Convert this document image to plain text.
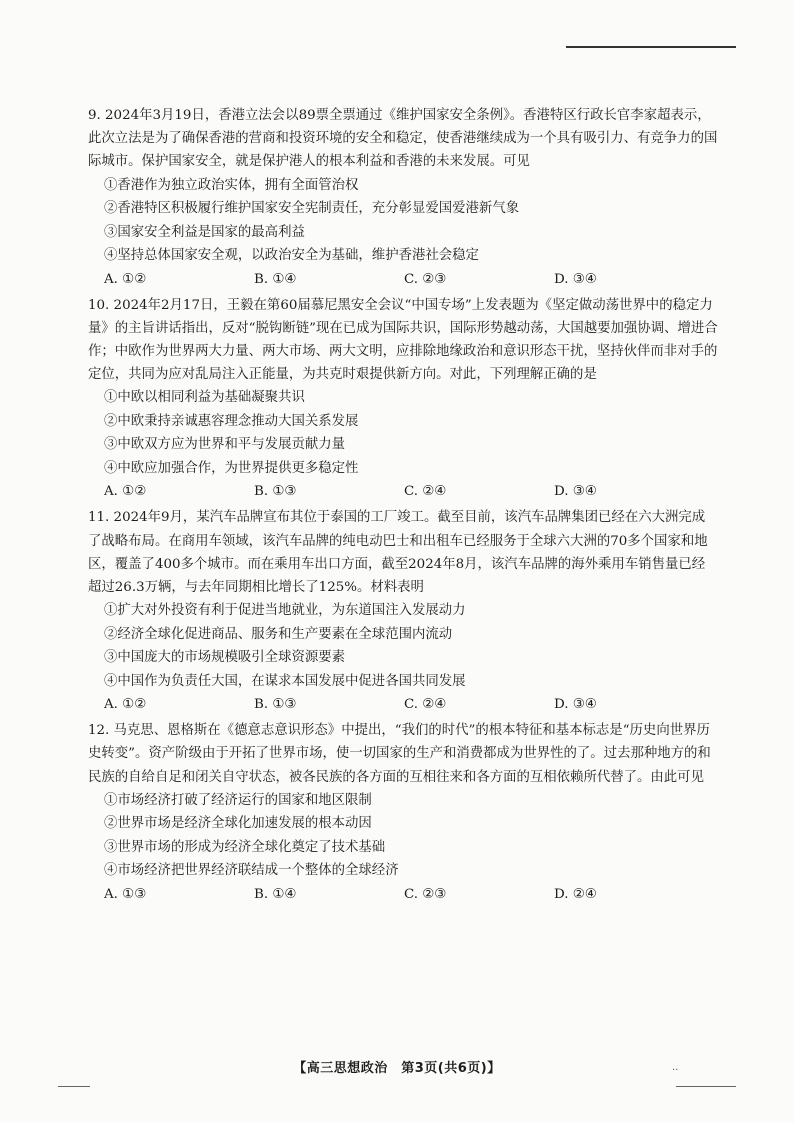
9. 2024年3月19日，香港立法会以89票全票通过《维护国家安全条例》。香港特区行政长官李家超表示，此次立法是为了确保香港的营商和投资环境的安全和稳定，使香港继续成为一个具有吸引力、有竞争力的国际城市。保护国家安全，就是保护港人的根本利益和香港的未来发展。可见

①香港作为独立政治实体，拥有全面管治权

②香港特区积极履行维护国家安全宪制责任，充分彰显爱国爱港新气象

③国家安全利益是国家的最高利益

④坚持总体国家安全观，以政治安全为基础，维护香港社会稳定

A. ①②	B. ①④	C. ②③	D. ③④

10. 2024年2月17日，王毅在第60届慕尼黑安全会议“中国专场”上发表题为《坚定做动荡世界中的稳定力量》的主旨讲话指出，反对“脱钩断链”现在已成为国际共识，国际形势越动荡，大国越要加强协调、增进合作；中欧作为世界两大力量、两大市场、两大文明，应排除地缘政治和意识形态干扰，坚持伙伴而非对手的定位，共同为应对乱局注入正能量，为共克时艰提供新方向。对此，下列理解正确的是

①中欧以相同利益为基础凝聚共识

②中欧秉持亲诚惠容理念推动大国关系发展

③中欧双方应为世界和平与发展贡献力量

④中欧应加强合作，为世界提供更多稳定性

A. ①②	B. ①③	C. ②④	D. ③④

11. 2024年9月，某汽车品牌宣布其位于泰国的工厂竣工。截至目前，该汽车品牌集团已经在六大洲完成了战略布局。在商用车领域，该汽车品牌的纯电动巴士和出租车已经服务于全球六大洲的70多个国家和地区，覆盖了400多个城市。而在乘用车出口方面，截至2024年8月，该汽车品牌的海外乘用车销售量已经超过26.3万辆，与去年同期相比增长了125%。材料表明

①扩大对外投资有利于促进当地就业，为东道国注入发展动力

②经济全球化促进商品、服务和生产要素在全球范围内流动

③中国庞大的市场规模吸引全球资源要素

④中国作为负责任大国，在谋求本国发展中促进各国共同发展

A. ①②	B. ①③	C. ②④	D. ③④

12. 马克思、恩格斯在《德意志意识形态》中提出，“我们的时代”的根本特征和基本标志是“历史向世界历史转变”。资产阶级由于开拓了世界市场，使一切国家的生产和消费都成为世界性的了。过去那种地方的和民族的自给自足和闭关自守状态，被各民族的各方面的互相往来和各方面的互相依赖所代替了。由此可见

①市场经济打破了经济运行的国家和地区限制

②世界市场是经济全球化加速发展的根本动因

③世界市场的形成为经济全球化奠定了技术基础

④市场经济把世界经济联结成一个整体的全球经济

A. ①③	B. ①④	C. ②③	D. ②④
【高三思想政治　第3页(共6页)】	..
